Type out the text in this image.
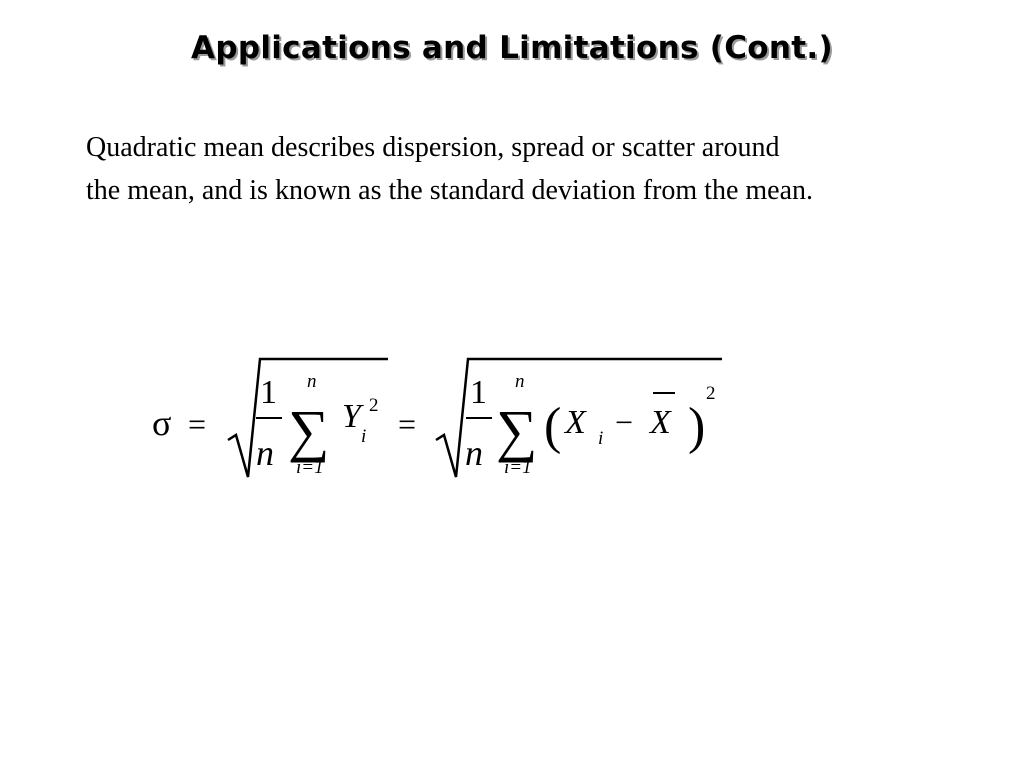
Applications and Limitations (Cont.)
Quadratic mean describes dispersion, spread or scatter around
the mean, and is known as the standard deviation from the mean.
σ =
1
n
n
∑
i=1
Y 2
i =
1
n
n
∑
i=1
( X i − X )
2
